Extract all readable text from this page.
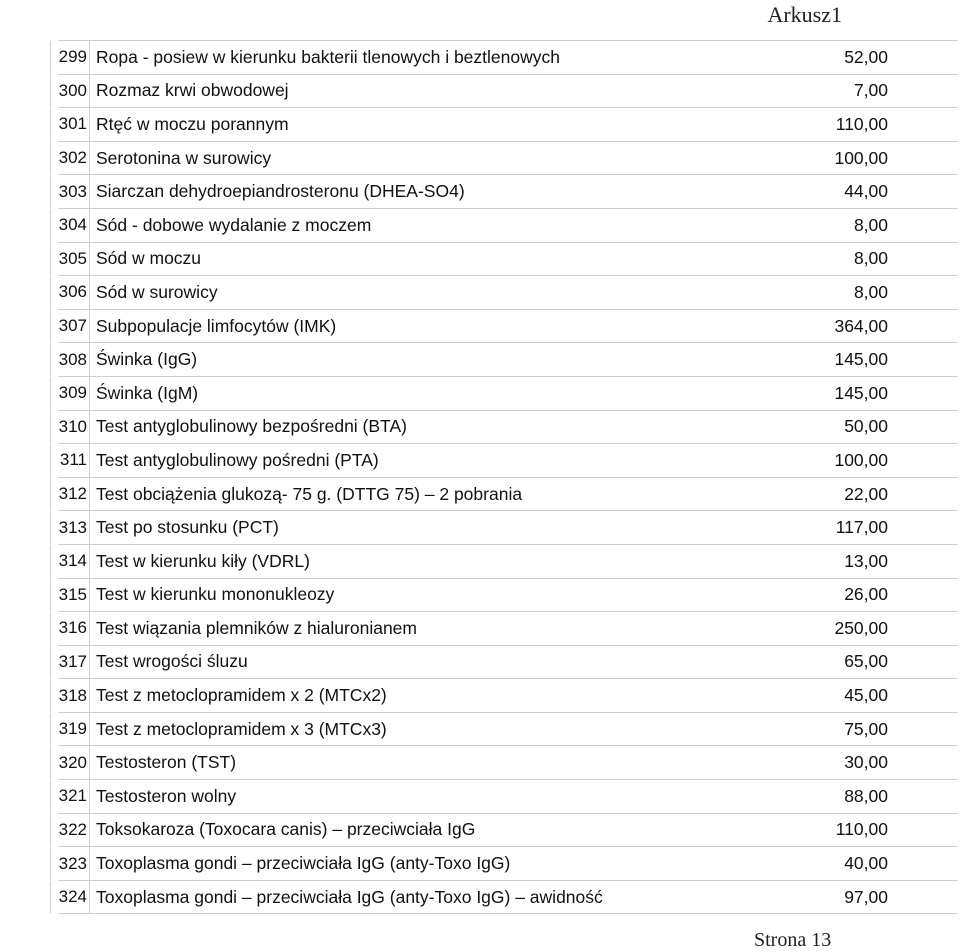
Arkusz1
299 Ropa - posiew w kierunku bakterii tlenowych i beztlenowych	52,00
300 Rozmaz krwi obwodowej	7,00
301 Rtęć w moczu porannym	110,00
302 Serotonina w surowicy	100,00
303 Siarczan dehydroepiandrosteronu (DHEA-SO4)	44,00
304 Sód - dobowe wydalanie z moczem	8,00
305 Sód w moczu	8,00
306 Sód w surowicy	8,00
307 Subpopulacje limfocytów (IMK)	364,00
308 Świnka (IgG)	145,00
309 Świnka (IgM)	145,00
310 Test antyglobulinowy bezpośredni (BTA)	50,00
311 Test antyglobulinowy pośredni (PTA)	100,00
312 Test obciążenia glukozą- 75 g. (DTTG 75) – 2 pobrania	22,00
313 Test po stosunku (PCT)	117,00
314 Test w kierunku kiły (VDRL)	13,00
315 Test w kierunku mononukleozy	26,00
316 Test wiązania plemników z hialuronianem	250,00
317 Test wrogości śluzu	65,00
318 Test z metoclopramidem x 2 (MTCx2)	45,00
319 Test z metoclopramidem x 3 (MTCx3)	75,00
320 Testosteron (TST)	30,00
321 Testosteron wolny	88,00
322 Toksokaroza (Toxocara canis) – przeciwciała IgG	110,00
323 Toxoplasma gondi – przeciwciała IgG (anty-Toxo IgG)	40,00
324 Toxoplasma gondi – przeciwciała IgG (anty-Toxo IgG) – awidność	97,00
Strona 13
